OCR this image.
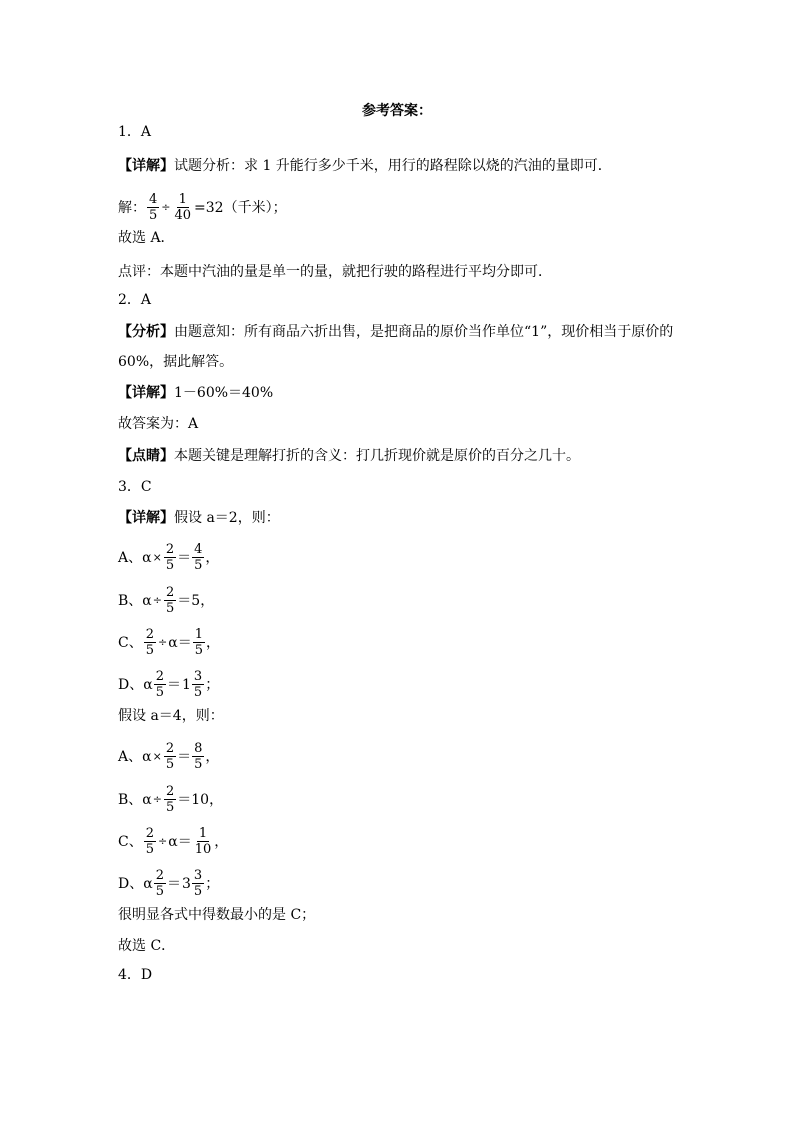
参考答案：
1．A
【详解】 试题分析：求 1 升能行多少千米，用行的路程除以烧的汽油的量即可．
解： $\frac{4}{5} \div \frac{1}{40} =32$（千米）；
故选 A．
点评：本题中汽油的量是单一的量，就把行驶的路程进行平均分即可．
2．A
【分析】 由题意知：所有商品六折出售，是把商品的原价当作单位“1”，现价相当于原价的
60%，据此解答。
【详解】 1－60%＝40%
故答案为：A
【点睛】 本题关键是理解打折的含义：打几折现价就是原价的百分之几十。
3．C
【详解】 假设 a＝2，则：
A、 $\alpha \times \frac{2}{5} = \frac{4}{5}$ ，
B、 $\alpha \div \frac{2}{5} = 5$ ，
C、 $\frac{2}{5} \div \alpha = \frac{1}{5}$ ，
D、 α $\frac{2}{5} = 1 \frac{3}{5}$ ；
假设 a＝4，则：
A、 $\alpha \times \frac{2}{5} = \frac{8}{5}$ ，
B、 $\alpha \div \frac{2}{5} = 10$ ，
C、 $\frac{2}{5} \div \alpha = \frac{1}{10}$ ，
D、 α $\frac{2}{5} = 3 \frac{3}{5}$ ；
很明显各式中得数最小的是 C；
故选 C．
4．D
